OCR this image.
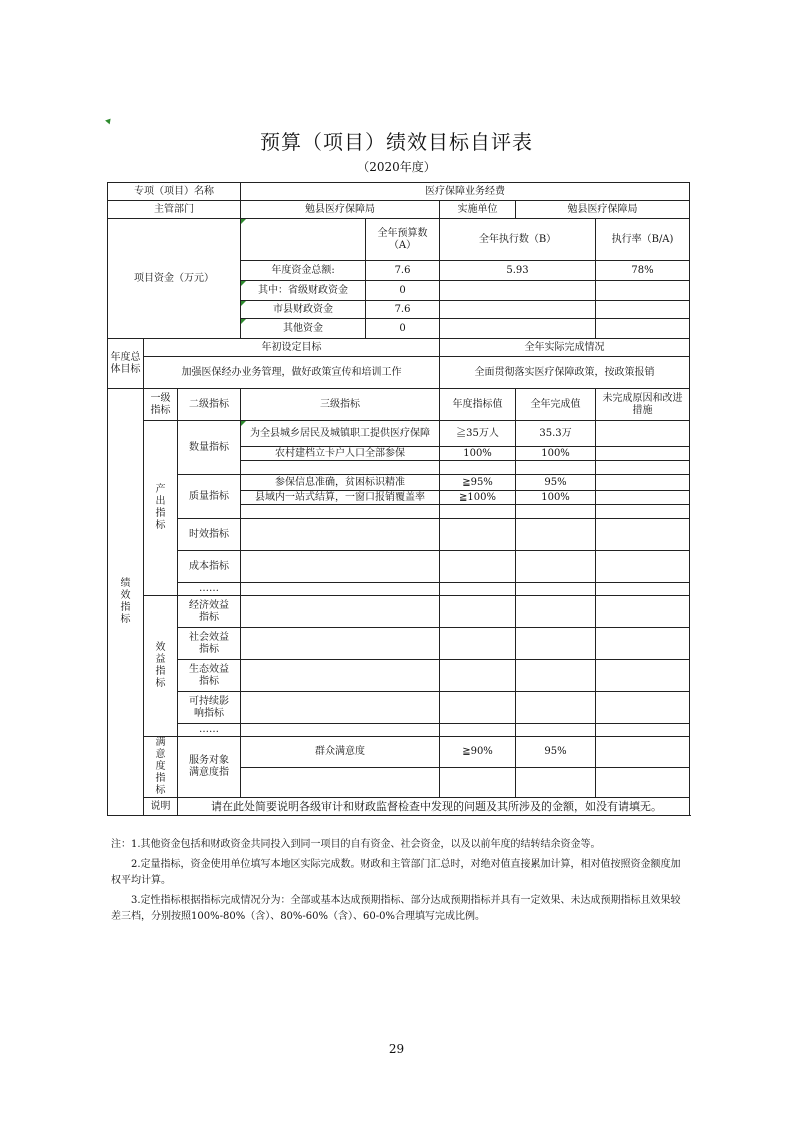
预算（项目）绩效目标自评表
（2020年度）
专项（项目）名称			医疗保障业务经费				
主管部门			勉县医疗保障局		实施单位	勉县医疗保障局	
项目资金（万元）				全年预算数（A）	全年执行数（B）		执行率（B/A)
			年度资金总额:	7.6	5.93		78%
			其中：省级财政资金	0			
			市县财政资金	7.6			
			其他资金	0			
年度总体目标	年初设定目标				全年实际完成情况		
	加强医保经办业务管理，做好政策宣传和培训工作				全面贯彻落实医疗保障政策，按政策报销		
绩效指标	一级指标	二级指标	三级指标		年度指标值	全年完成值	未完成原因和改进措施
	产出指标	数量指标	为全县城乡居民及城镇职工提供医疗保障		≧35万人	35.3万	
			农村建档立卡户人口全部参保		100%	100%	

		质量指标	参保信息准确，贫困标识精准		≧95%	95%	
			县域内一站式结算，一窗口报销覆盖率		≧100%	100%	

		时效指标					
		成本指标					
		……					
	效益指标	经济效益指标					
		社会效益指标					
		生态效益指标					
		可持续影响指标					
		……					
	满意度指标	服务对象满意度指	群众满意度		≧90%	95%	

	说明	请在此处简要说明各级审计和财政监督检查中发现的问题及其所涉及的金额，如没有请填无。					

注：1.其他资金包括和财政资金共同投入到同一项目的自有资金、社会资金，以及以前年度的结转结余资金等。

2.定量指标，资金使用单位填写本地区实际完成数。财政和主管部门汇总时，对绝对值直接累加计算，相对值按照资金额度加权平均计算。

3.定性指标根据指标完成情况分为：全部或基本达成预期指标、部分达成预期指标并具有一定效果、未达成预期指标且效果较差三档，分别按照100%-80%（含）、80%-60%（含）、60-0%合理填写完成比例。

29
